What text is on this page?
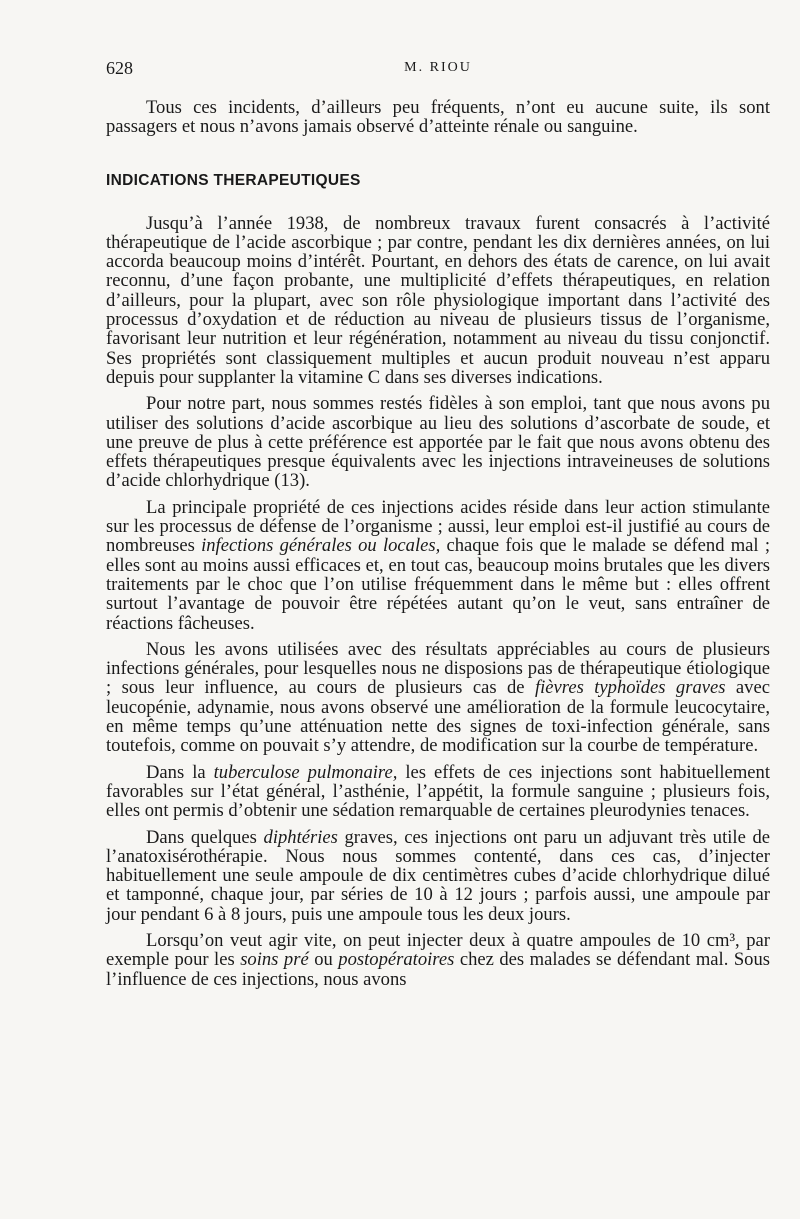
628	M. RIOU

Tous ces incidents, d’ailleurs peu fréquents, n’ont eu aucune suite, ils sont passagers et nous n’avons jamais observé d’atteinte rénale ou sanguine.

INDICATIONS THERAPEUTIQUES

Jusqu’à l’année 1938, de nombreux travaux furent consacrés à l’activité thérapeutique de l’acide ascorbique ; par contre, pendant les dix dernières années, on lui accorda beaucoup moins d’intérêt. Pourtant, en dehors des états de carence, on lui avait reconnu, d’une façon probante, une multiplicité d’effets thérapeutiques, en relation d’ailleurs, pour la plupart, avec son rôle physiologique important dans l’activité des processus d’oxydation et de réduction au niveau de plusieurs tissus de l’organisme, favorisant leur nutrition et leur régénération, notamment au niveau du tissu conjonctif. Ses propriétés sont classiquement multiples et aucun produit nouveau n’est apparu depuis pour supplanter la vitamine C dans ses diverses indications.

Pour notre part, nous sommes restés fidèles à son emploi, tant que nous avons pu utiliser des solutions d’acide ascorbique au lieu des solutions d’ascorbate de soude, et une preuve de plus à cette préférence est apportée par le fait que nous avons obtenu des effets thérapeutiques presque équivalents avec les injections intraveineuses de solutions d’acide chlorhydrique (13).

La principale propriété de ces injections acides réside dans leur action stimulante sur les processus de défense de l’organisme ; aussi, leur emploi est-il justifié au cours de nombreuses infections générales ou locales, chaque fois que le malade se défend mal ; elles sont au moins aussi efficaces et, en tout cas, beaucoup moins brutales que les divers traitements par le choc que l’on utilise fréquemment dans le même but : elles offrent surtout l’avantage de pouvoir être répétées autant qu’on le veut, sans entraîner de réactions fâcheuses.

Nous les avons utilisées avec des résultats appréciables au cours de plusieurs infections générales, pour lesquelles nous ne disposions pas de thérapeutique étiologique ; sous leur influence, au cours de plusieurs cas de fièvres typhoïdes graves avec leucopénie, adynamie, nous avons observé une amélioration de la formule leucocytaire, en même temps qu’une atténuation nette des signes de toxi-infection générale, sans toutefois, comme on pouvait s’y attendre, de modification sur la courbe de température.

Dans la tuberculose pulmonaire, les effets de ces injections sont habituellement favorables sur l’état général, l’asthénie, l’appétit, la formule sanguine ; plusieurs fois, elles ont permis d’obtenir une sédation remarquable de certaines pleurodynies tenaces.

Dans quelques diphtéries graves, ces injections ont paru un adjuvant très utile de l’anatoxisérothérapie. Nous nous sommes contenté, dans ces cas, d’injecter habituellement une seule ampoule de dix centimètres cubes d’acide chlorhydrique dilué et tamponné, chaque jour, par séries de 10 à 12 jours ; parfois aussi, une ampoule par jour pendant 6 à 8 jours, puis une ampoule tous les deux jours.

Lorsqu’on veut agir vite, on peut injecter deux à quatre ampoules de 10 cm³, par exemple pour les soins pré ou postopératoires chez des malades se défendant mal. Sous l’influence de ces injections, nous avons
